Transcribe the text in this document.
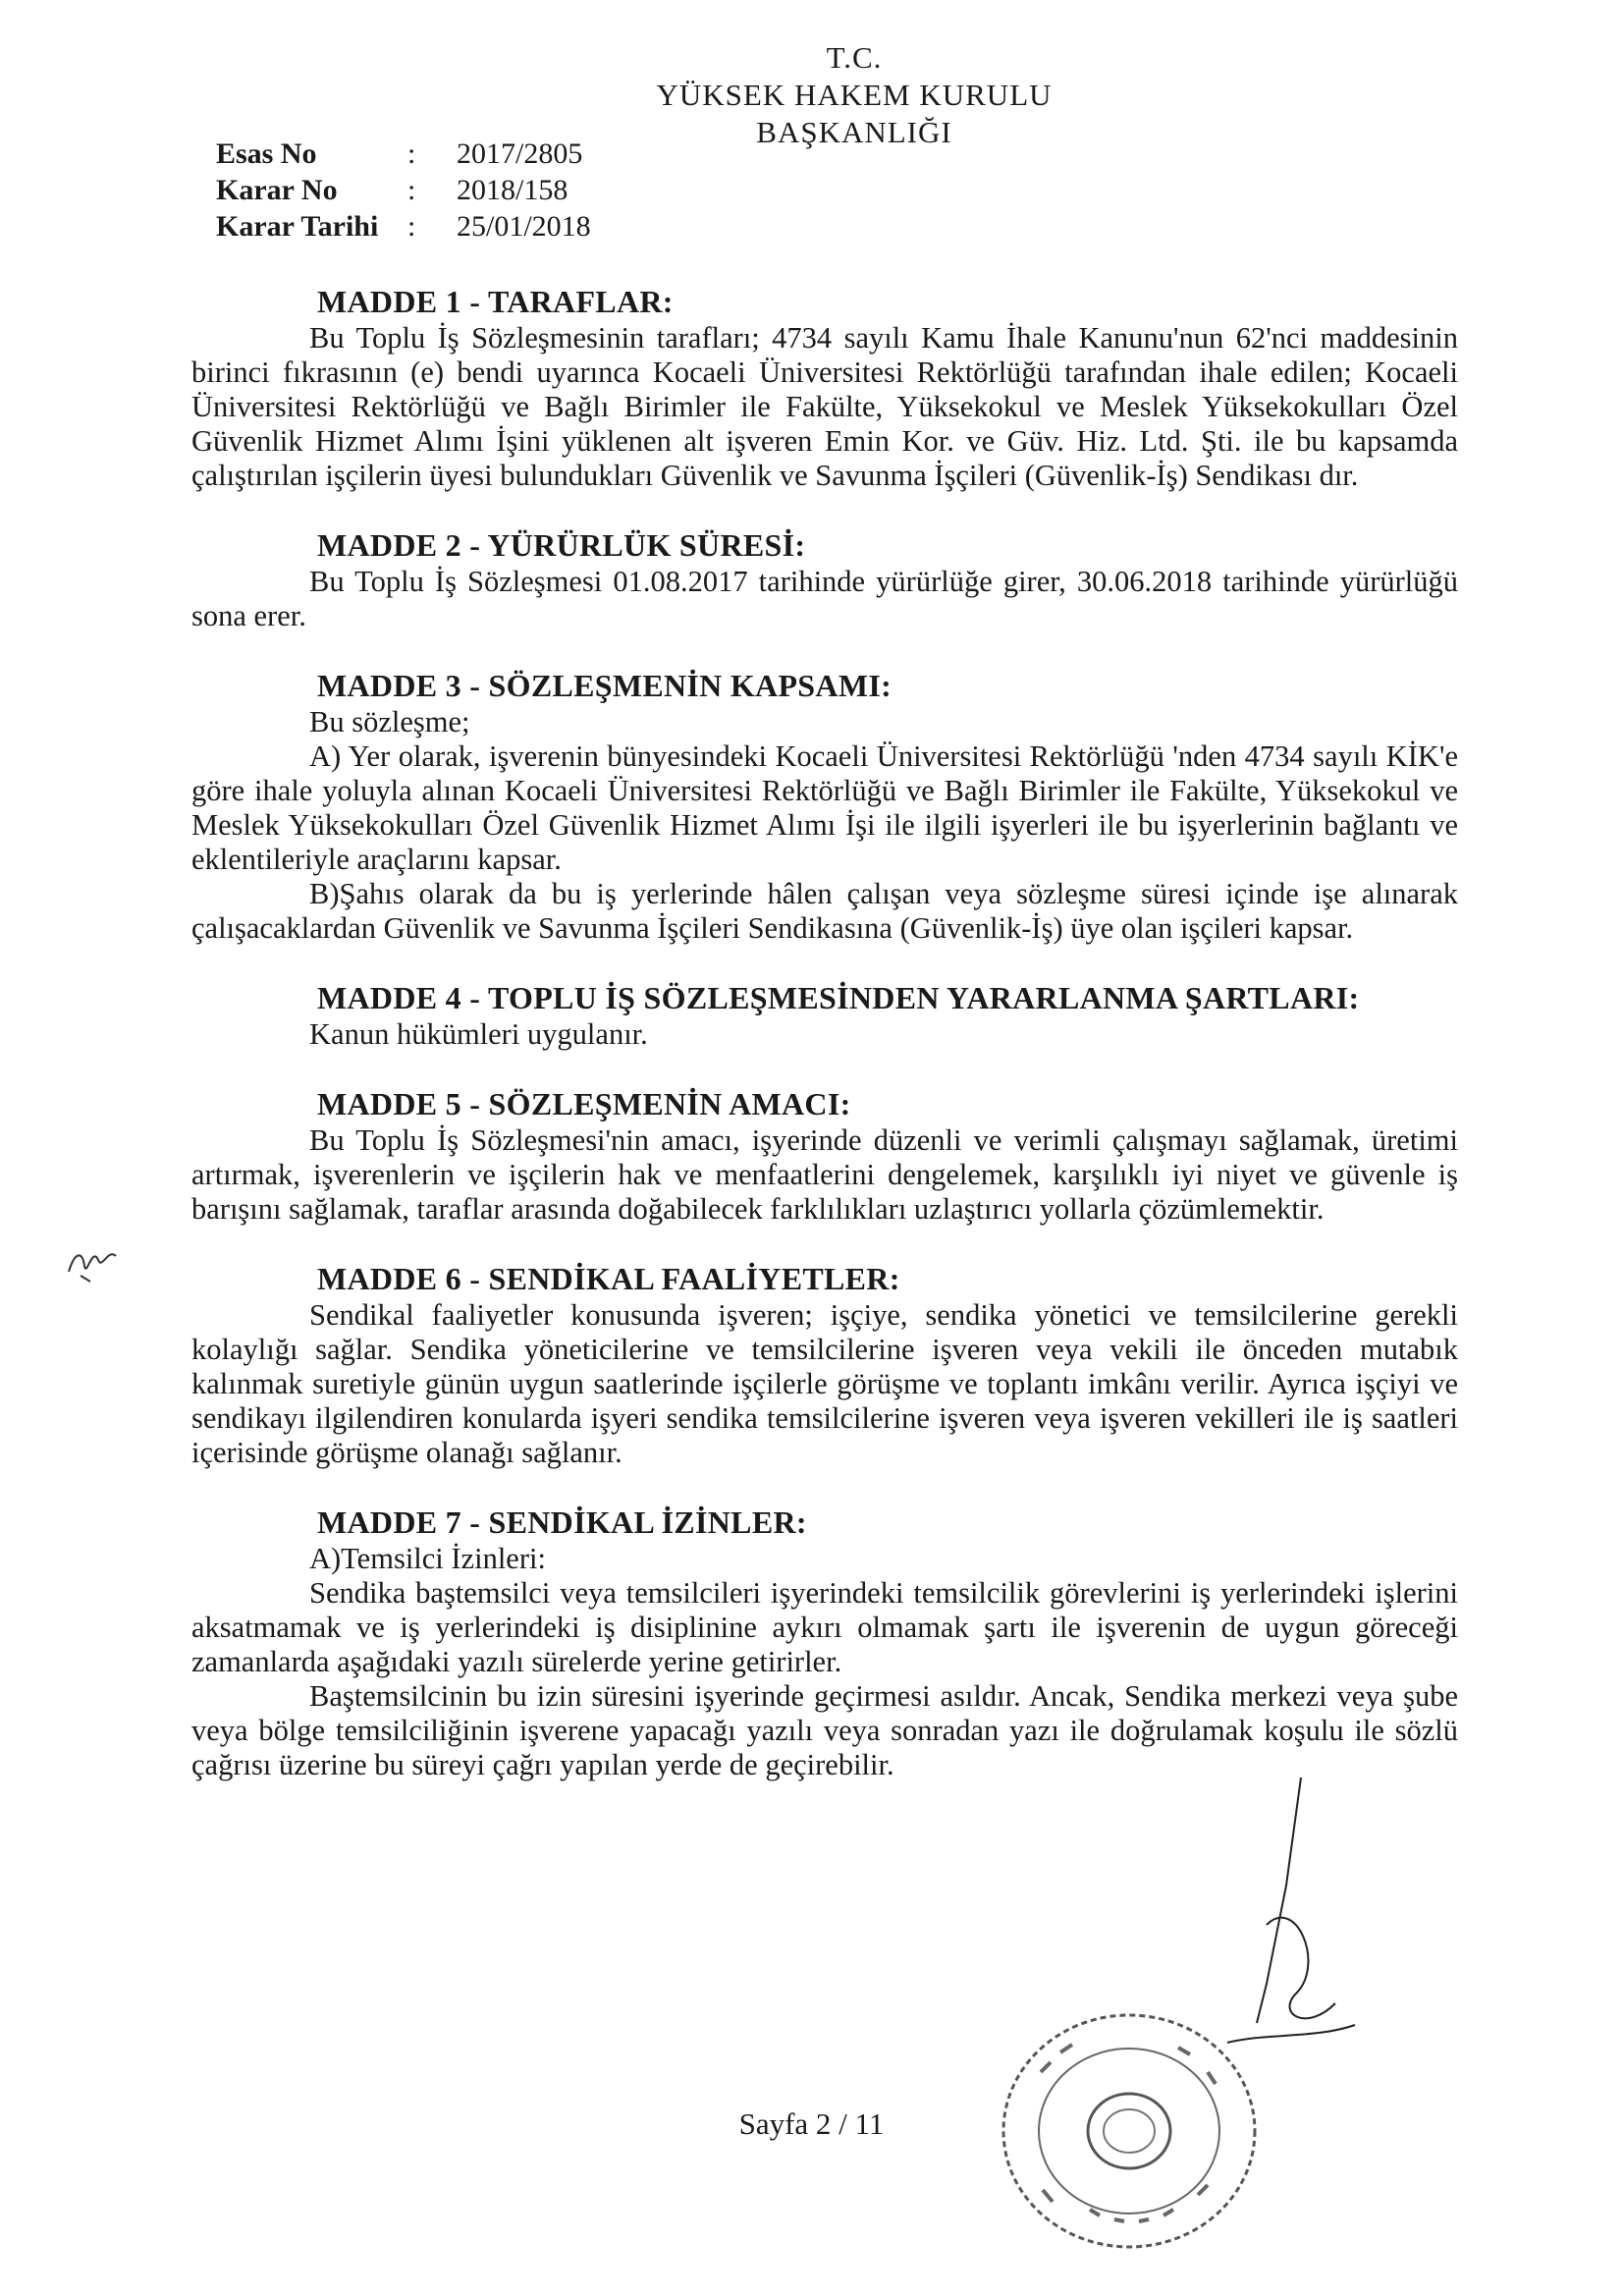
T.C.
YÜKSEK HAKEM KURULU
BAŞKANLIĞI
Esas No	:	2017/2805
Karar No	:	2018/158
Karar Tarihi :	25/01/2018
MADDE 1 - TARAFLAR:

Bu Toplu İş Sözleşmesinin tarafları; 4734 sayılı Kamu İhale Kanunu'nun 62'nci maddesinin birinci fıkrasının (e) bendi uyarınca Kocaeli Üniversitesi Rektörlüğü tarafından ihale edilen; Kocaeli Üniversitesi Rektörlüğü ve Bağlı Birimler ile Fakülte, Yüksekokul ve Meslek Yüksekokulları Özel Güvenlik Hizmet Alımı İşini yüklenen alt işveren Emin Kor. ve Güv. Hiz. Ltd. Şti. ile bu kapsamda çalıştırılan işçilerin üyesi bulundukları Güvenlik ve Savunma İşçileri (Güvenlik-İş) Sendikası dır.

MADDE 2 - YÜRÜRLÜK SÜRESİ:

Bu Toplu İş Sözleşmesi 01.08.2017 tarihinde yürürlüğe girer, 30.06.2018 tarihinde yürürlüğü sona erer.

MADDE 3 - SÖZLEŞMENİN KAPSAMI:

Bu sözleşme;

A) Yer olarak, işverenin bünyesindeki Kocaeli Üniversitesi Rektörlüğü 'nden 4734 sayılı KİK'e göre ihale yoluyla alınan Kocaeli Üniversitesi Rektörlüğü ve Bağlı Birimler ile Fakülte, Yüksekokul ve Meslek Yüksekokulları Özel Güvenlik Hizmet Alımı İşi ile ilgili işyerleri ile bu işyerlerinin bağlantı ve eklentileriyle araçlarını kapsar.

B)Şahıs olarak da bu iş yerlerinde hâlen çalışan veya sözleşme süresi içinde işe alınarak çalışacaklardan Güvenlik ve Savunma İşçileri Sendikasına (Güvenlik-İş) üye olan işçileri kapsar.

MADDE 4 - TOPLU İŞ SÖZLEŞMESİNDEN YARARLANMA ŞARTLARI:

Kanun hükümleri uygulanır.

MADDE 5 - SÖZLEŞMENİN AMACI:

Bu Toplu İş Sözleşmesi'nin amacı, işyerinde düzenli ve verimli çalışmayı sağlamak, üretimi artırmak, işverenlerin ve işçilerin hak ve menfaatlerini dengelemek, karşılıklı iyi niyet ve güvenle iş barışını sağlamak, taraflar arasında doğabilecek farklılıkları uzlaştırıcı yollarla çözümlemektir.

MADDE 6 - SENDİKAL FAALİYETLER:

Sendikal faaliyetler konusunda işveren; işçiye, sendika yönetici ve temsilcilerine gerekli kolaylığı sağlar. Sendika yöneticilerine ve temsilcilerine işveren veya vekili ile önceden mutabık kalınmak suretiyle günün uygun saatlerinde işçilerle görüşme ve toplantı imkânı verilir. Ayrıca işçiyi ve sendikayı ilgilendiren konularda işyeri sendika temsilcilerine işveren veya işveren vekilleri ile iş saatleri içerisinde görüşme olanağı sağlanır.

MADDE 7 - SENDİKAL İZİNLER:

A)Temsilci İzinleri:

Sendika baştemsilci veya temsilcileri işyerindeki temsilcilik görevlerini iş yerlerindeki işlerini aksatmamak ve iş yerlerindeki iş disiplinine aykırı olmamak şartı ile işverenin de uygun göreceği zamanlarda aşağıdaki yazılı sürelerde yerine getirirler.

Baştemsilcinin bu izin süresini işyerinde geçirmesi asıldır. Ancak, Sendika merkezi veya şube veya bölge temsilciliğinin işverene yapacağı yazılı veya sonradan yazı ile doğrulamak koşulu ile sözlü çağrısı üzerine bu süreyi çağrı yapılan yerde de geçirebilir.

Sayfa 2 / 11
